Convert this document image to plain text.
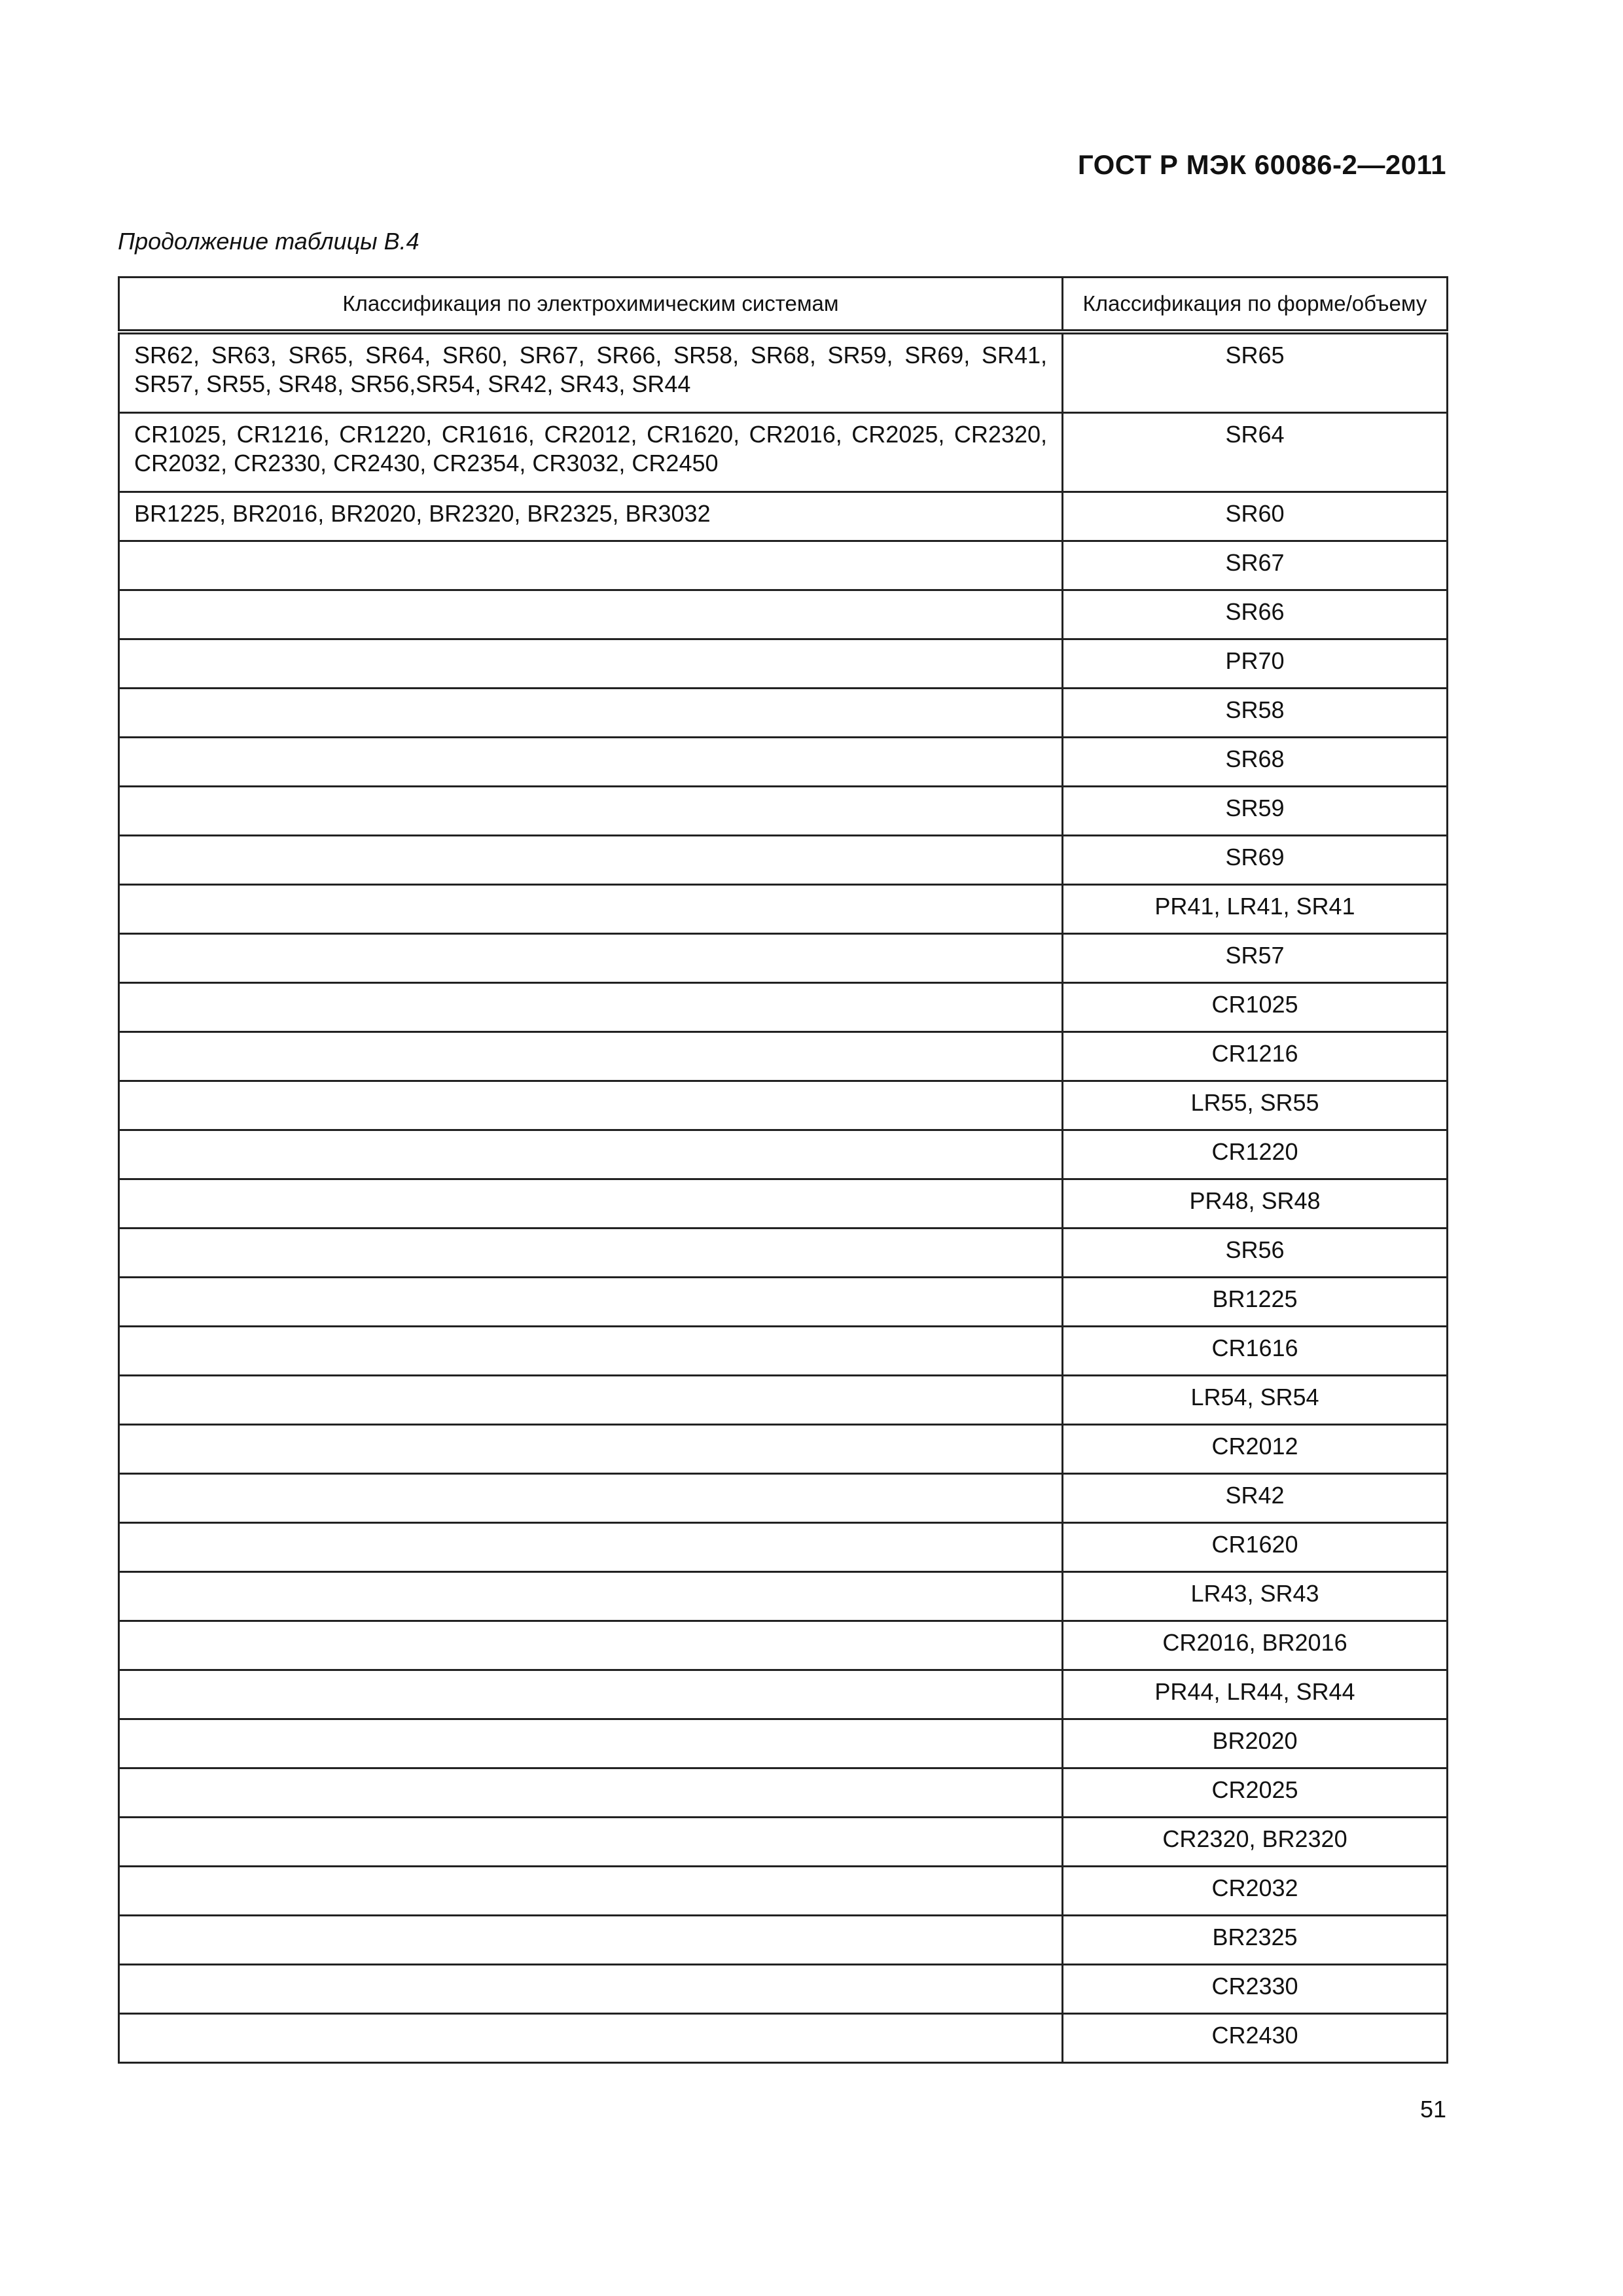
ГОСТ Р МЭК 60086-2—2011
Продолжение таблицы В.4
Классификация по электрохимическим системам	Классификация по форме/объему
SR62, SR63, SR65, SR64, SR60, SR67, SR66, SR58, SR68, SR59, SR69, SR41, SR57, SR55, SR48, SR56,SR54, SR42, SR43, SR44	SR65
CR1025, CR1216, CR1220, CR1616, CR2012, CR1620, CR2016, CR2025, CR2320, CR2032, CR2330, CR2430, CR2354, CR3032, CR2450	SR64
BR1225, BR2016, BR2020, BR2320, BR2325, BR3032	SR60
	SR67
	SR66
	PR70
	SR58
	SR68
	SR59
	SR69
	PR41, LR41, SR41
	SR57
	CR1025
	CR1216
	LR55, SR55
	CR1220
	PR48, SR48
	SR56
	BR1225
	CR1616
	LR54, SR54
	CR2012
	SR42
	CR1620
	LR43, SR43
	CR2016, BR2016
	PR44, LR44, SR44
	BR2020
	CR2025
	CR2320, BR2320
	CR2032
	BR2325
	CR2330
	CR2430
51
